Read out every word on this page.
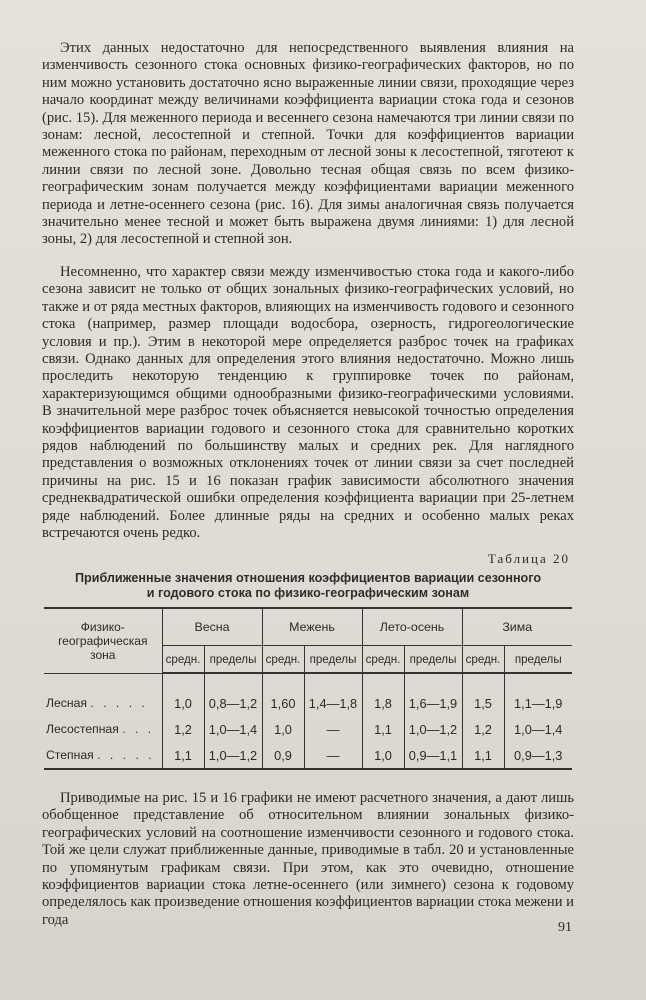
Этих данных недостаточно для непосредственного выявления влияния на изменчивость сезонного стока основных физико-географических факторов, но по ним можно установить достаточно ясно выраженные линии связи, проходящие через начало координат между величинами коэффициента вариации стока года и сезонов (рис. 15). Для меженного периода и весеннего сезона намечаются три линии связи по зонам: лесной, лесостепной и степной. Точки для коэффициентов вариации меженного стока по районам, переходным от лесной зоны к лесостепной, тяготеют к линии связи по лесной зоне. Довольно тесная общая связь по всем физико-географическим зонам получается между коэффициентами вариации меженного периода и летне-осеннего сезона (рис. 16). Для зимы аналогичная связь получается значительно менее тесной и может быть выражена двумя линиями: 1) для лесной зоны, 2) для лесостепной и степной зон.

Несомненно, что характер связи между изменчивостью стока года и какого-либо сезона зависит не только от общих зональных физико-географических условий, но также и от ряда местных факторов, влияющих на изменчивость годового и сезонного стока (например, размер площади водосбора, озерность, гидрогеологические условия и пр.). Этим в некоторой мере определяется разброс точек на графиках связи. Однако данных для определения этого влияния недостаточно. Можно лишь проследить некоторую тенденцию к группировке точек по районам, характеризующимся общими однообразными физико-географическими условиями. В значительной мере разброс точек объясняется невысокой точностью определения коэффициентов вариации годового и сезонного стока для сравнительно коротких рядов наблюдений по большинству малых и средних рек. Для наглядного представления о возможных отклонениях точек от линии связи за счет последней причины на рис. 15 и 16 показан график зависимости абсолютного значения среднеквадратической ошибки определения коэффициента вариации при 25-летнем ряде наблюдений. Более длинные ряды на средних и особенно малых реках встречаются очень редко.

Таблица 20
Приближенные значения отношения коэффициентов вариации сезонного
и годового стока по физико-географическим зонам
Физико-географическая зона	Весна		Межень		Лето-осень		Зима	
	средн.	пределы	средн.	пределы	средн.	пределы	средн.	пределы
Лесная . . . . .	1,0	0,8—1,2	1,60	1,4—1,8	1,8	1,6—1,9	1,5	1,1—1,9
Лесостепная . . .	1,2	1,0—1,4	1,0	—	1,1	1,0—1,2	1,2	1,0—1,4
Степная . . . . .	1,1	1,0—1,2	0,9	—	1,0	0,9—1,1	1,1	0,9—1,3

Приводимые на рис. 15 и 16 графики не имеют расчетного значения, а дают лишь обобщенное представление об относительном влиянии зональных физико-географических условий на соотношение изменчивости сезонного и годового стока. Той же цели служат приближенные данные, приводимые в табл. 20 и установленные по упомянутым графикам связи. При этом, как это очевидно, отношение коэффициентов вариации стока летне-осеннего (или зимнего) сезона к годовому определялось как произведение отношения коэффициентов вариации стока межени и года	91
